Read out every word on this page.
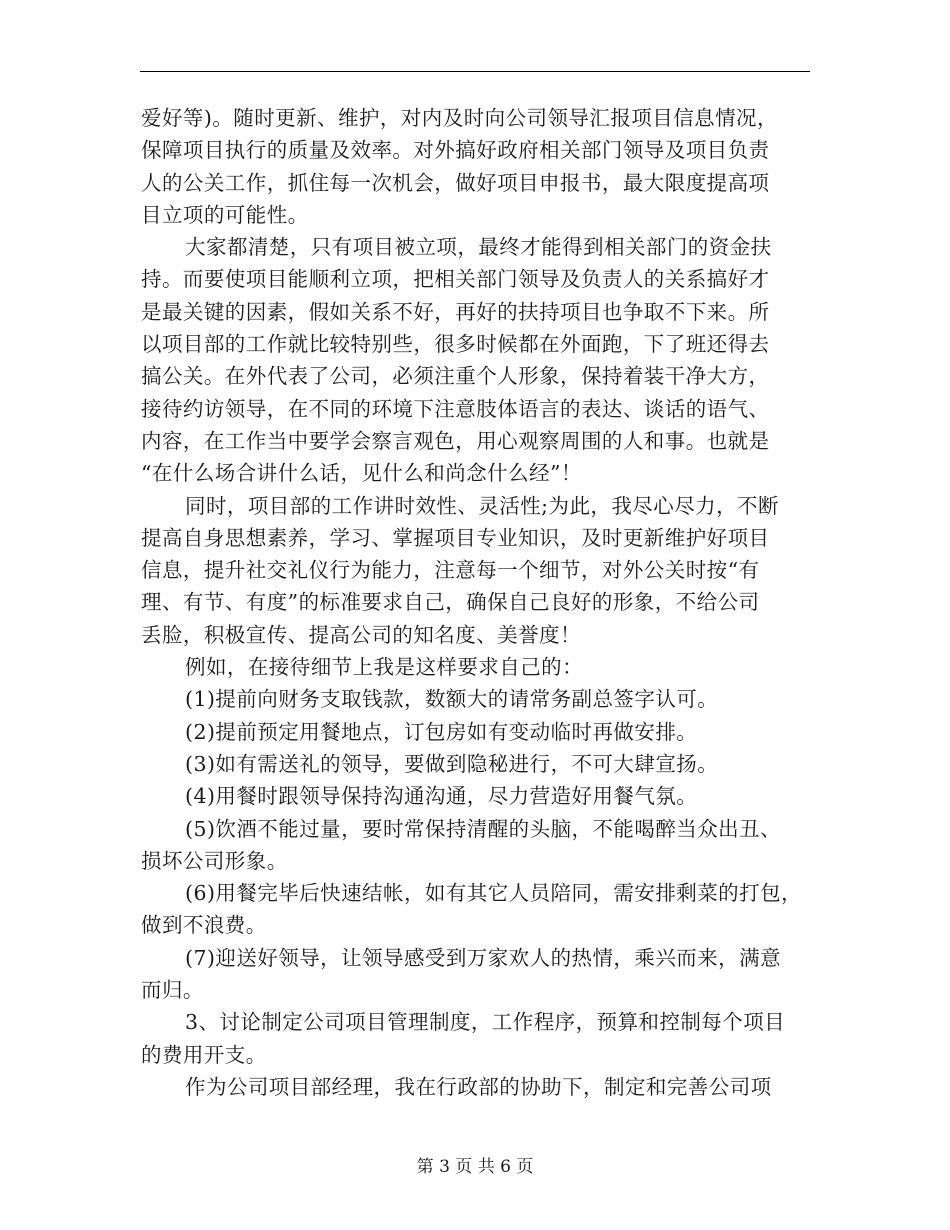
爱好等)。随时更新、维护，对内及时向公司领导汇报项目信息情况，
保障项目执行的质量及效率。对外搞好政府相关部门领导及项目负责
人的公关工作，抓住每一次机会，做好项目申报书，最大限度提高项
目立项的可能性。
大家都清楚，只有项目被立项，最终才能得到相关部门的资金扶
持。而要使项目能顺利立项，把相关部门领导及负责人的关系搞好才
是最关键的因素，假如关系不好，再好的扶持项目也争取不下来。所
以项目部的工作就比较特别些，很多时候都在外面跑，下了班还得去
搞公关。在外代表了公司，必须注重个人形象，保持着装干净大方，
接待约访领导，在不同的环境下注意肢体语言的表达、谈话的语气、
内容，在工作当中要学会察言观色，用心观察周围的人和事。也就是
“在什么场合讲什么话，见什么和尚念什么经”！
同时，项目部的工作讲时效性、灵活性;为此，我尽心尽力，不断
提高自身思想素养，学习、掌握项目专业知识，及时更新维护好项目
信息，提升社交礼仪行为能力，注意每一个细节，对外公关时按“有
理、有节、有度”的标准要求自己，确保自己良好的形象，不给公司
丢脸，积极宣传、提高公司的知名度、美誉度！
例如，在接待细节上我是这样要求自己的：
(1)提前向财务支取钱款，数额大的请常务副总签字认可。
(2)提前预定用餐地点，订包房如有变动临时再做安排。
(3)如有需送礼的领导，要做到隐秘进行，不可大肆宣扬。
(4)用餐时跟领导保持沟通沟通，尽力营造好用餐气氛。
(5)饮酒不能过量，要时常保持清醒的头脑，不能喝醉当众出丑、
损坏公司形象。
(6)用餐完毕后快速结帐，如有其它人员陪同，需安排剩菜的打包，
做到不浪费。
(7)迎送好领导，让领导感受到万家欢人的热情，乘兴而来，满意
而归。
3、讨论制定公司项目管理制度，工作程序，预算和控制每个项目
的费用开支。
作为公司项目部经理，我在行政部的协助下，制定和完善公司项
第 3 页 共 6 页
